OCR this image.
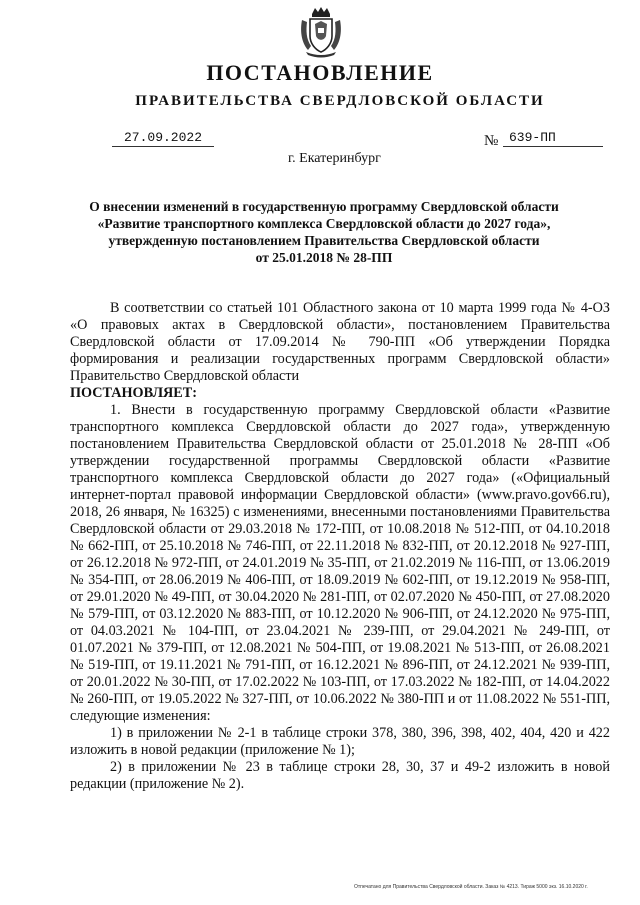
ПОСТАНОВЛЕНИЕ
ПРАВИТЕЛЬСТВА СВЕРДЛОВСКОЙ ОБЛАСТИ
27.09.2022	№ 639-ПП
г. Екатеринбург
О внесении изменений в государственную программу Свердловской области
«Развитие транспортного комплекса Свердловской области до 2027 года»,
утвержденную постановлением Правительства Свердловской области
от 25.01.2018 № 28-ПП

В соответствии со статьей 101 Областного закона от 10 марта 1999 года № 4-ОЗ «О правовых актах в Свердловской области», постановлением Правительства Свердловской области от 17.09.2014 № 790-ПП «Об утверждении Порядка формирования и реализации государственных программ Свердловской области» Правительство Свердловской области

ПОСТАНОВЛЯЕТ:

1. Внести в государственную программу Свердловской области «Развитие транспортного комплекса Свердловской области до 2027 года», утвержденную постановлением Правительства Свердловской области от 25.01.2018 № 28-ПП «Об утверждении государственной программы Свердловской области «Развитие транспортного комплекса Свердловской области до 2027 года» («Официальный интернет-портал правовой информации Свердловской области» (www.pravo.gov66.ru), 2018, 26 января, № 16325) с изменениями, внесенными постановлениями Правительства Свердловской области от 29.03.2018 № 172-ПП, от 10.08.2018 № 512-ПП, от 04.10.2018 № 662-ПП, от 25.10.2018 № 746-ПП, от 22.11.2018 № 832-ПП, от 20.12.2018 № 927-ПП, от 26.12.2018 № 972-ПП, от 24.01.2019 № 35-ПП, от 21.02.2019 № 116-ПП, от 13.06.2019 № 354-ПП, от 28.06.2019 № 406-ПП, от 18.09.2019 № 602-ПП, от 19.12.2019 № 958-ПП, от 29.01.2020 № 49-ПП, от 30.04.2020 № 281-ПП, от 02.07.2020 № 450-ПП, от 27.08.2020 № 579-ПП, от 03.12.2020 № 883-ПП, от 10.12.2020 № 906-ПП, от 24.12.2020 № 975-ПП, от 04.03.2021 № 104-ПП, от 23.04.2021 № 239-ПП, от 29.04.2021 № 249-ПП, от 01.07.2021 № 379-ПП, от 12.08.2021 № 504-ПП, от 19.08.2021 № 513-ПП, от 26.08.2021 № 519-ПП, от 19.11.2021 № 791-ПП, от 16.12.2021 № 896-ПП, от 24.12.2021 № 939-ПП, от 20.01.2022 № 30-ПП, от 17.02.2022 № 103-ПП, от 17.03.2022 № 182-ПП, от 14.04.2022 № 260-ПП, от 19.05.2022 № 327-ПП, от 10.06.2022 № 380-ПП и от 11.08.2022 № 551-ПП, следующие изменения:

1) в приложении № 2-1 в таблице строки 378, 380, 396, 398, 402, 404, 420 и 422 изложить в новой редакции (приложение № 1);

2) в приложении № 23 в таблице строки 28, 30, 37 и 49-2 изложить в новой редакции (приложение № 2).

Отпечатано для Правительства Свердловской области. Заказ № 4213. Тираж 5000 экз. 16.10.2020 г.
